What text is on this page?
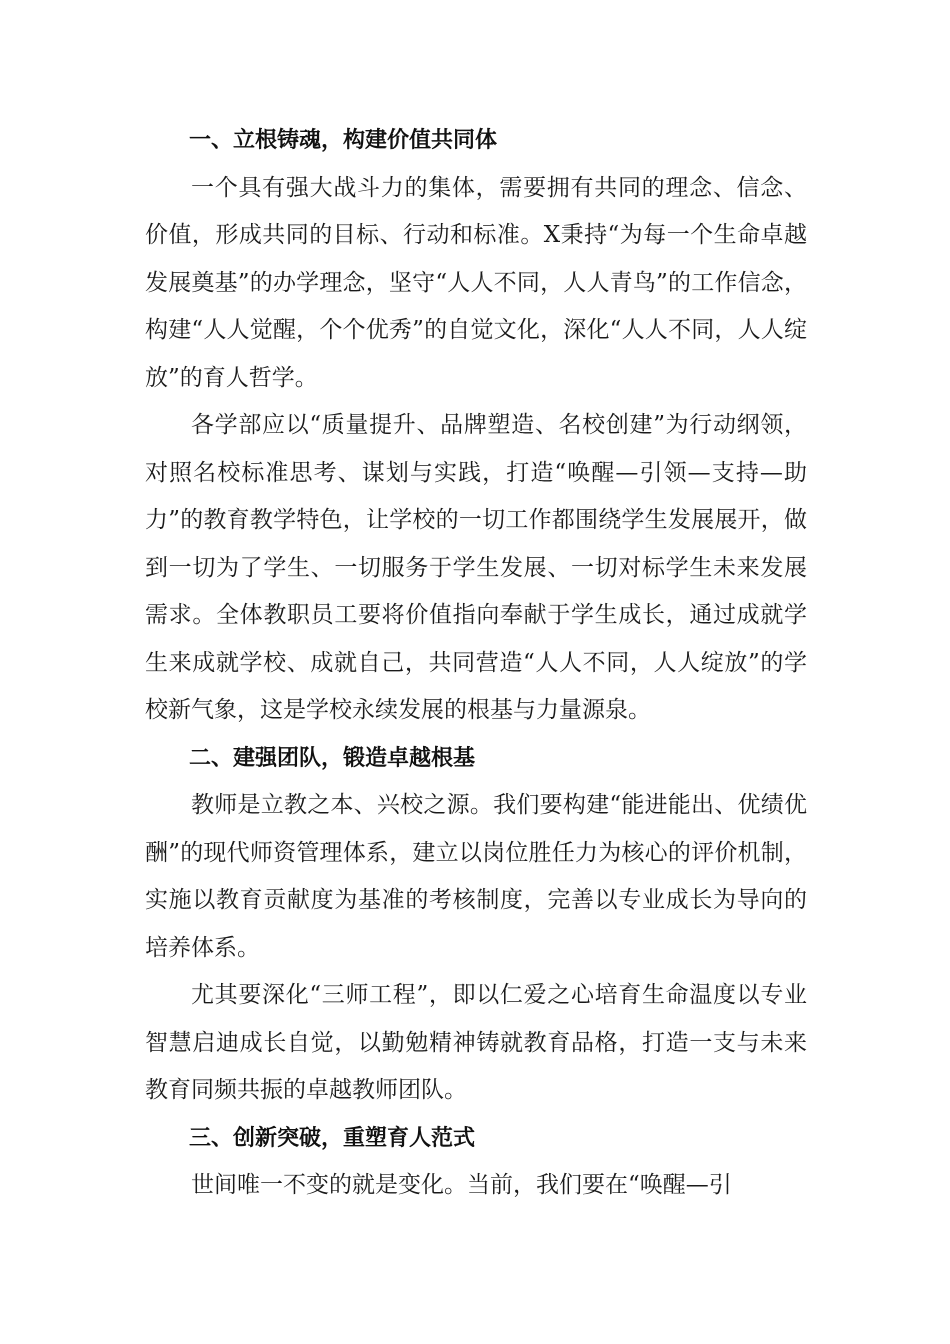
一、立根铸魂，构建价值共同体

一个具有强大战斗力的集体，需要拥有共同的理念、信念、价值，形成共同的目标、行动和标准。X秉持“为每一个生命卓越发展奠基”的办学理念，坚守“人人不同，人人青鸟”的工作信念，构建“人人觉醒，个个优秀”的自觉文化，深化“人人不同，人人绽放”的育人哲学。

各学部应以“质量提升、品牌塑造、名校创建”为行动纲领，对照名校标准思考、谋划与实践，打造“唤醒—引领—支持—助力”的教育教学特色，让学校的一切工作都围绕学生发展展开，做到一切为了学生、一切服务于学生发展、一切对标学生未来发展需求。全体教职员工要将价值指向奉献于学生成长，通过成就学生来成就学校、成就自己，共同营造“人人不同，人人绽放”的学校新气象，这是学校永续发展的根基与力量源泉。

二、建强团队，锻造卓越根基

教师是立教之本、兴校之源。我们要构建“能进能出、优绩优酬”的现代师资管理体系，建立以岗位胜任力为核心的评价机制，实施以教育贡献度为基准的考核制度，完善以专业成长为导向的培养体系。

尤其要深化“三师工程”，即以仁爱之心培育生命温度以专业智慧启迪成长自觉，以勤勉精神铸就教育品格，打造一支与未来教育同频共振的卓越教师团队。

三、创新突破，重塑育人范式

世间唯一不变的就是变化。当前，我们要在“唤醒—引
